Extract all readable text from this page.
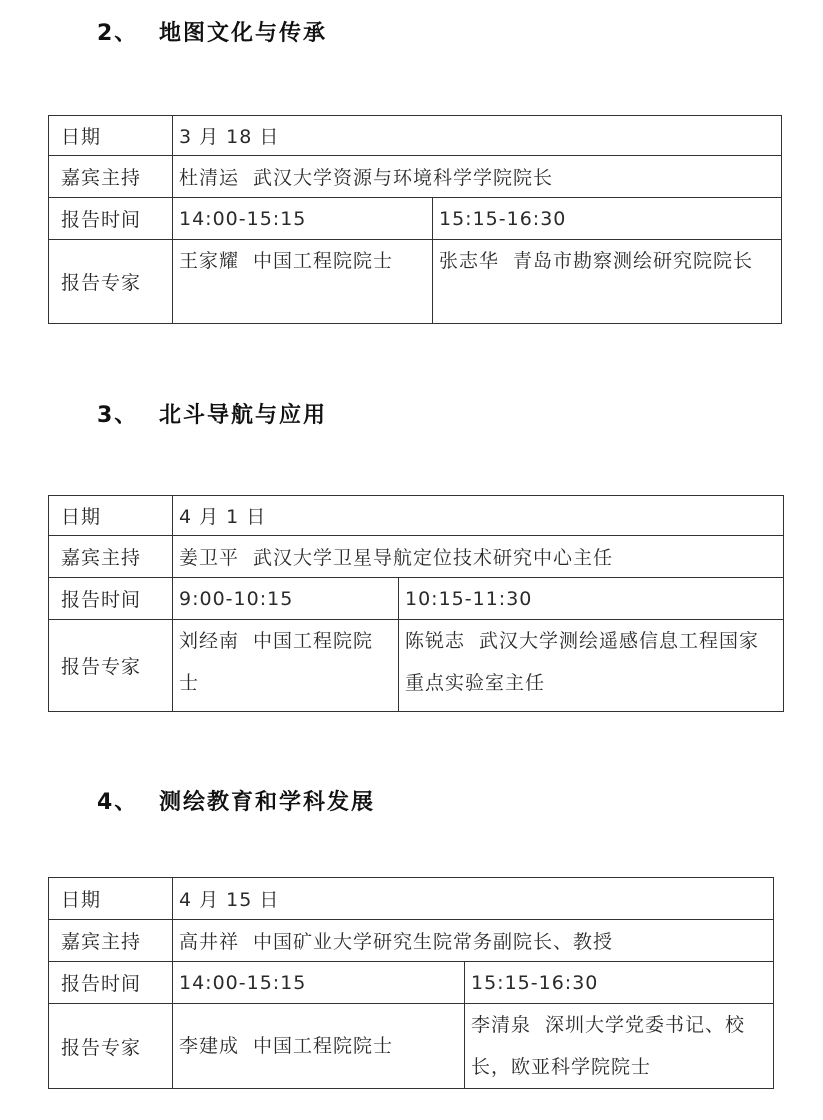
2、 地图文化与传承
日期	3 月 18 日	
嘉宾主持	杜清运 武汉大学资源与环境科学学院院长	
报告时间	14:00-15:15	15:15-16:30
报告专家	王家耀 中国工程院院士	张志华 青岛市勘察测绘研究院院长
3、 北斗导航与应用
日期	4 月 1 日	
嘉宾主持	姜卫平 武汉大学卫星导航定位技术研究中心主任	
报告时间	9:00-10:15	10:15-11:30
报告专家	刘经南 中国工程院院士	陈锐志 武汉大学测绘遥感信息工程国家重点实验室主任
4、 测绘教育和学科发展
日期	4 月 15 日	
嘉宾主持	高井祥 中国矿业大学研究生院常务副院长、教授	
报告时间	14:00-15:15	15:15-16:30
报告专家	李建成 中国工程院院士	李清泉 深圳大学党委书记、校长，欧亚科学院院士
